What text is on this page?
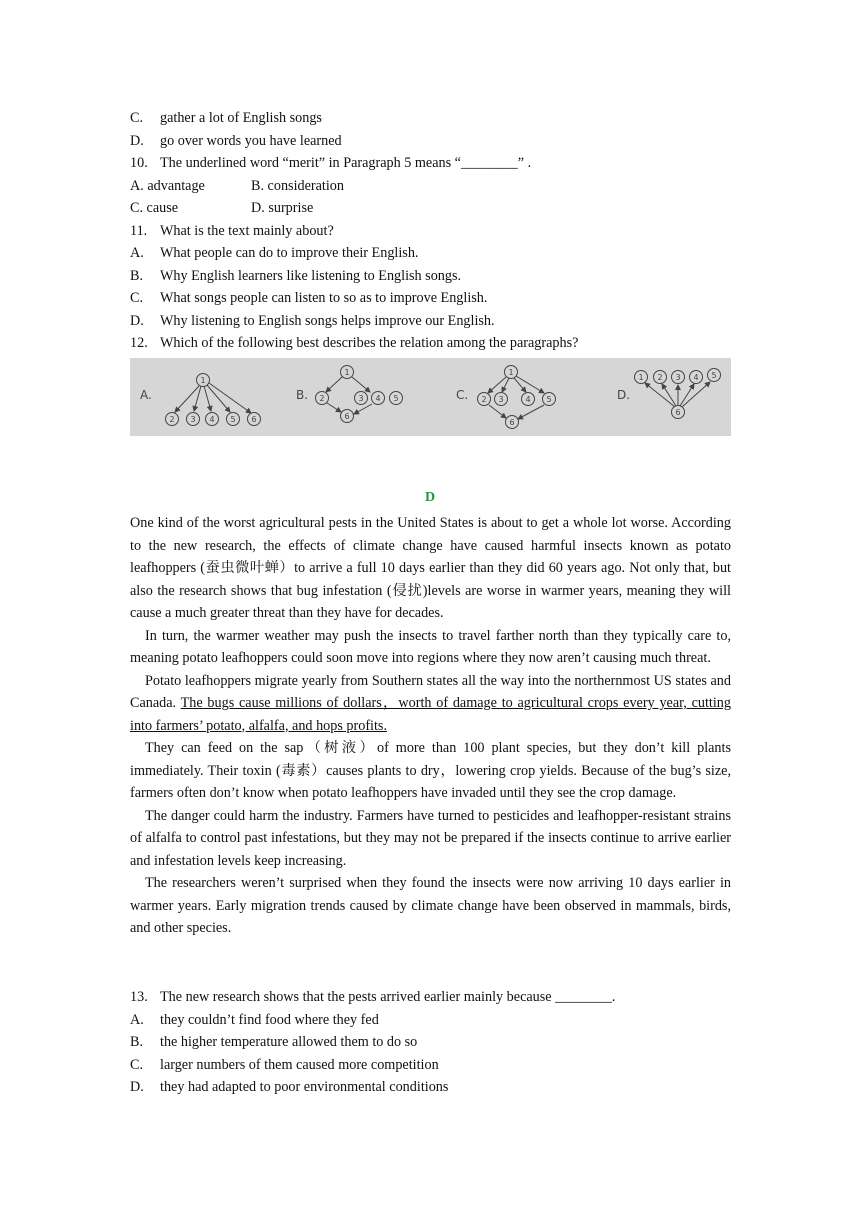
C. gather a lot of English songs
D. go over words you have learned
10. The underlined word “merit” in Paragraph 5 means “________” .
A. advantage	B. consideration
C. cause	D. surprise
11. What is the text mainly about?
A. What people can do to improve their English.
B. Why English learners like listening to English songs.
C. What songs people can listen to so as to improve English.
D. Why listening to English songs helps improve our English.
12. Which of the following best describes the relation among the paragraphs?
A.	B.	C.	D.
1
2 3 4 5 6
1
2	3 4 5
6
1
2 3	4 5
6
1 2 3 4 5
6
D

One kind of the worst agricultural pests in the United States is about to get a whole lot worse. According to the new research, the effects of climate change have caused harmful insects known as potato leafhoppers (蚕虫微叶蝉）to arrive a full 10 days earlier than they did 60 years ago. Not only that, but also the research shows that bug infestation (侵扰)levels are worse in warmer years, meaning they will cause a much greater threat than they have for decades.

In turn, the warmer weather may push the insects to travel farther north than they typically care to, meaning potato leafhoppers could soon move into regions where they now aren’t causing much threat.

Potato leafhoppers migrate yearly from Southern states all the way into the northernmost US states and Canada. The bugs cause millions of dollars，worth of damage to agricultural crops every year, cutting into farmers’ potato, alfalfa, and hops profits.

They can feed on the sap（树液）of more than 100 plant species, but they don’t kill plants immediately. Their toxin (毒素）causes plants to dry，lowering crop yields. Because of the bug’s size, farmers often don’t know when potato leafhoppers have invaded until they see the crop damage.

The danger could harm the industry. Farmers have turned to pesticides and leafhopper-resistant strains of alfalfa to control past infestations, but they may not be prepared if the insects continue to arrive earlier and infestation levels keep increasing.

The researchers weren’t surprised when they found the insects were now arriving 10 days earlier in warmer years. Early migration trends caused by climate change have been observed in mammals, birds, and other species.

13. The new research shows that the pests arrived earlier mainly because ________.
A. they couldn’t find food where they fed
B. the higher temperature allowed them to do so
C. larger numbers of them caused more competition
D. they had adapted to poor environmental conditions
